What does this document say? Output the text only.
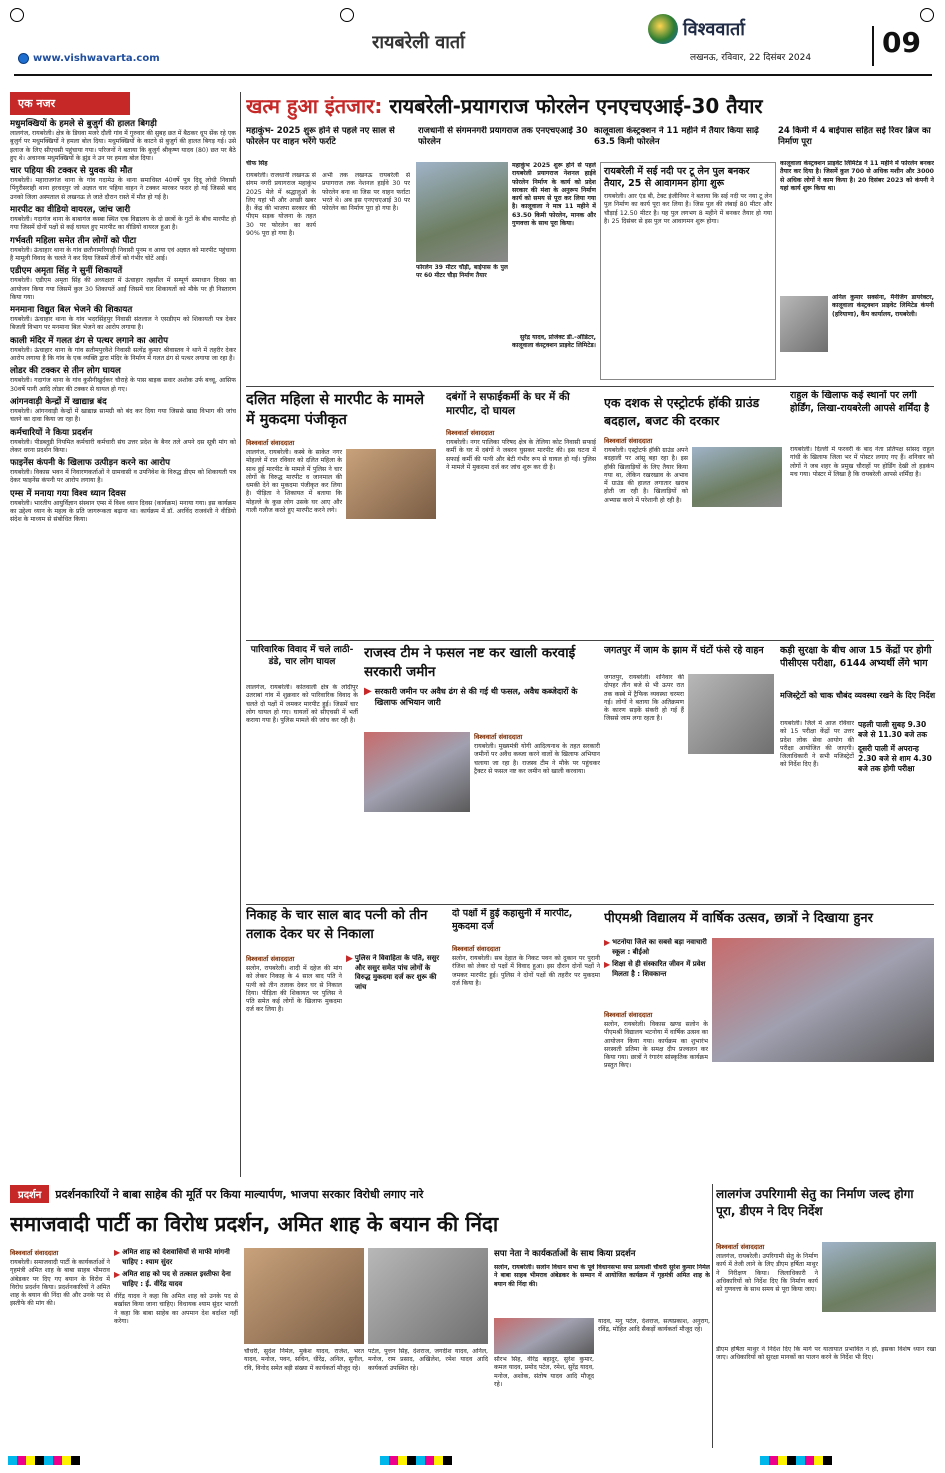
www.vishwavarta.com
रायबरेली वार्ता
विश्ववार्ता
लखनऊ, रविवार, 22 दिसंबर 2024	09
एक नजर
मधुमक्खियों के हमले से बुजुर्ग की हालत बिगड़ी
लालगंज, रायबरेली। क्षेत्र के डिघवा मजरे दौली गांव में गुरुवार की सुबह छत में बैठकर धूप सेंक रहे एक बुजुर्ग पर मधुमक्खियों ने हमला बोल दिया। मधुमक्खियों के काटने से बुजुर्ग की हालत बिगड़ गई। उसे इलाज के लिए सीएचसी पहुंचाया गया। परिजनों ने बताया कि बुजुर्ग श्रीकृष्ण यादव (80) छत पर बैठे हुए थे। अचानक मधुमक्खियों के झुंड ने उन पर हमला बोल दिया।
चार पहिया की टक्कर से युवक की मौत
रायबरेली। महाराजगंज थाना के गांव गदामेउ के थाना समाधिस्त 40वर्षे पुत्र दिदू लोधी निवासी पिंगुरीसराही थाना हरचदपुर जो अज्ञात चार पहिया वाहन ने टक्कर मारकर फरार हो गई जिससे बाद उनको जिला अस्पताल से लखनऊ ले जाते दौरान रास्ते में मौत हो गई है।
मारपीट का वीडियो वायरल, जांच जारी
रायबरेली। गदागंज थाना के बाबागंज कस्बा स्थित एक विद्यालय के दो छात्रों के गुटों के बीच मारपीट हो गया जिसमें दोनों पक्षों से कई घायल हुए मारपीट का वीडियो वायरल हुआ है।
गर्भवती महिला समेत तीन लोगों को पीटा
रायबरेली। ऊंचाहार थाना के गांव छतौनामरियाही निवासी पूनम व आया एवं अज्ञात को मारपीट पहुंचाया है मामूली विवाद के चलते ने कर दिया जिसमें तीनों को गंभीर चोटें आई।
एडीएम अमृता सिंह ने सुनीं शिकायतें
रायबरेली। एडीएम अमृता सिंह की अध्यक्षता में ऊंचाहार तहसील में सम्पूर्ण समाधान दिवस का आयोजन किया गया जिसमें कुल 30 शिकायतें आईं जिसमें चार शिकायतों को मौके पर ही निस्तारण किया गया।
मनमाना विद्युत बिल भेजने की शिकायत
रायबरेली। ऊंचाहार थाना के गांव भदरसिंहपुर निवासी संतलाल ने एसडीएम को शिकायती पत्र देकर बिजली विभाग पर मनमाना बिल भेजने का आरोप लगाया है।
काली मंदिर में गलत ढंग से पत्थर लगाने का आरोप
रायबरेली। ऊंचाहार थाना के गांव सतीमपुरवैशे निवासी सत्येंद्र कुमार श्रीवास्तव ने थाने में तहरीर देकर आरोप लगाया है कि गांव के एक व्यक्ति द्वारा मंदिर के निर्माण में गलत ढंग से पत्थर लगाया जा रहा है।
लोडर की टक्कर से तीन लोग घायल
रायबरेली। गदागंज थाना के गांव कुसैनीखुर्दकर चौराहे के पास बाइक सवार अशोक उर्फ बच्चू, आसिफ 30वर्षे पानी आदि लोडर की टक्कर से घायल हो गए।
आंगनवाड़ी केन्द्रों में खाद्यान्न बंद
रायबरेली। आंगनवाड़ी केन्द्रों में खाद्यान्न सामग्री को बंद कर दिया गया जिससे खाद्य विभाग की जांच चलने का दावा किया जा रहा है।
कर्मचारियों ने किया प्रदर्शन
रायबरेली। पीडब्लूडी नियमित कर्मचारी कर्मचारी संघ उत्तर प्रदेश के बैनर तले अपने दस सूत्री मांग को लेकर धरना प्रदर्शन किया।
फाइनेंस कंपनी के खिलाफ उत्पीड़न करने का आरोप
रायबरेली। विकास भवन में निवारणकर्ताओं ने ग्रामवासी व उपनिवेश के विरुद्ध डीएम को शिकायती पत्र देकर फाइनेंस कंपनी पर आरोप लगाया है।
एम्स में मनाया गया विश्व ध्यान दिवस
रायबरेली। भारतीय आयुर्विज्ञान संस्थान एम्स में विश्व ध्यान दिवस (कार्यक्रम) मनाया गया। इस कार्यक्रम का उद्देश्य ध्यान के महत्व के प्रति जागरूकता बढ़ाना था। कार्यक्रम में डॉ. अरविंद राजवंशी ने वीडियो संदेश के माध्यम से संबोधित किया।
खत्म हुआ इंतजार: रायबरेली-प्रयागराज फोरलेन एनएचएआई-30 तैयार
महाकुंभ- 2025 शुरू होने से पहले नए साल से फोरलेन पर वाहन भरेंगे फर्राटे
राजधानी से संगमनगरी प्रयागराज तक एनएचएआई 30 फोरलेन
कालूवाला कंस्ट्रक्शन ने 11 महीने में तैयार किया साढ़े 63.5 किमी फोरलेन
24 किमी में 4 बाईपास सहित सई रिवर ब्रिज का निर्माण पूरा
चीफ सिंह
रायबरेली। राजधानी लखनऊ से संगम नगरी प्रयागराज महाकुंभ 2025 मेले में श्रद्धालुओं के लिए यहां भी और अच्छी खबर है। केंद्र की भाजपा सरकार की पीएम सड़क योजना के तहत 30 पर फोरलेन का कार्य 90% पूरा हो गया है।
अभी तक लखनऊ रायबरेली से प्रयागराज तक नेशनल हाईवे 30 पर फोरलेन बना था जिस पर वाहन फर्राटा भरते थे। अब इस एनएचएआई 30 पर फोरलेन का निर्माण पूरा हो गया है।
फोरलेन 39 मीटर चौड़ी, बाईपास के पुल पर 60 मीटर चौड़ा निर्माण तैयार
महाकुंभ 2025 शुरू होने से पहले रायबरेली प्रयागराज नेशनल हाईवे फोरलेन निर्माण के कार्य को प्रदेश सरकार की मंशा के अनुरूप निर्माण कार्य को समय से पूरा कर लिया गया है। कालूवाला ने मात्र 11 महीने में 63.50 किमी फोरलेन, मानक और गुणवत्ता के साथ पूरा किया।
सुरेंद्र यादव, प्रोजेक्ट डी.-ऑडिटर, कालूवाला कंस्ट्रक्शन प्राइवेट लिमिटेड।
रायबरेली में सई नदी पर टू लेन पुल बनकर तैयार, 25 से आवागमन होगा शुरू
रायबरेली। आर एंड बी, टेक्ट इंजीनियर ने बताया कि सई नदी पर नया टू लेन पुल निर्माण का कार्य पूरा कर लिया है। जिस पुल की लंबाई 80 मीटर और चौड़ाई 12.50 मीटर है। यह पुल लगभग 8 महीने में बनकर तैयार हो गया है। 25 दिसंबर से इस पुल पर आवागमन शुरू होगा।
कालूवाला कंस्ट्रक्शन प्राइवेट लिमिटेड ने 11 महीने में फोरलेन बनकर तैयार कर दिया है। जिसमें कुल 700 से अधिक मशीन और 3000 से अधिक लोगों ने काम किया है। 20 दिसंबर 2023 को कंपनी ने यहां कार्य शुरू किया था।
अनिल कुमार सक्सेना, मैनेजिंग डायरेक्टर, कालूवाला कंस्ट्रक्शन प्राइवेट लिमिटेड कंपनी (हरियाणा), कैंप कार्यालय, रायबरेली।
दलित महिला से मारपीट के मामले में मुकदमा पंजीकृत
विश्ववार्ता संवाददाता
लालगंज, रायबरेली। कस्बे के साकेत नगर मोहल्ले में रात रविवार को दलित महिला के साथ हुई मारपीट के मामले में पुलिस ने चार लोगों के विरुद्ध मारपीट व जानमाल की धमकी देने का मुकदमा पंजीकृत कर लिया है। पीड़िता ने शिकायत में बताया कि मोहल्ले के कुछ लोग उसके घर आए और गाली गलौज करते हुए मारपीट करने लगे।
दबंगों ने सफाईकर्मी के घर में की मारपीट, दो घायल
विश्ववार्ता संवाददाता
रायबरेली। नगर पालिका परिषद क्षेत्र के तेलिया कोट निवासी सफाई कर्मी के घर में दबंगों ने जबरन घुसकर मारपीट की। इस घटना में सफाई कर्मी की पत्नी और बेटी गंभीर रूप से घायल हो गईं। पुलिस ने मामले में मुकदमा दर्ज कर जांच शुरू कर दी है।
एक दशक से एस्ट्रोटर्फ हॉकी ग्राउंड बदहाल, बजट की दरकार
विश्ववार्ता संवाददाता
रायबरेली। एस्ट्रोटर्फ हॉकी ग्राउंड अपने बदहाली पर आंसू बहा रहा है। इस हॉकी खिलाड़ियों के लिए तैयार किया गया था, लेकिन रखरखाव के अभाव में ग्राउंड की हालत लगातार खराब होती जा रही है। खिलाड़ियों को अभ्यास करने में परेशानी हो रही है।
राहुल के खिलाफ कई स्थानों पर लगी होर्डिंग, लिखा-रायबरेली आपसे शर्मिंदा है
रायबरेली। दिल्ली में फरवरी के बाद नेता प्रतिपक्ष सांसद राहुल गांधी के खिलाफ जिला भर में पोस्टर लगाए गए हैं। शनिवार को लोगों ने जब शहर के प्रमुख चौराहों पर होर्डिंग देखी तो हड़कंप मच गया। पोस्टर में लिखा है कि रायबरेली आपसे शर्मिंदा है।
पारिवारिक विवाद में चले लाठी-डंडे, चार लोग घायल
लालगंज, रायबरेली। कोतवाली क्षेत्र के लोदीपुर उतराबां गांव में शुक्रवार को पारिवारिक विवाद के चलते दो पक्षों में जमकर मारपीट हुई। जिसमें चार लोग घायल हो गए। घायलों को सीएचसी में भर्ती कराया गया है। पुलिस मामले की जांच कर रही है।
राजस्व टीम ने फसल नष्ट कर खाली करवाई सरकारी जमीन
▶ सरकारी जमीन पर अवैध ढंग से की गई थी फसल, अवैध कब्जेदारों के खिलाफ अभियान जारी
विश्ववार्ता संवाददाता
रायबरेली। मुख्यमंत्री योगी आदित्यनाथ के तहत सरकारी जमीनों पर अवैध कब्जा करने वालों के खिलाफ अभियान चलाया जा रहा है। राजस्व टीम ने मौके पर पहुंचकर ट्रैक्टर से फसल नष्ट कर जमीन को खाली करवाया।
जगतपुर में जाम के झाम में घंटों फंसे रहे वाहन
जगतपुर, रायबरेली। शनिवार की दोपहर तीन बजे से भी ऊपर रात तक कस्बे में ट्रैफिक व्यवस्था चरमरा गई। लोगों ने बताया कि अतिक्रमण के कारण सड़कें संकरी हो गई हैं जिससे जाम लगा रहता है।
कड़ी सुरक्षा के बीच आज 15 केंद्रों पर होगी पीसीएस परीक्षा, 6144 अभ्यर्थी लेंगे भाग
मजिस्ट्रेटों को चाक चौबंद व्यवस्था रखने के दिए निर्देश
रायबरेली। जिले में आज रविवार को 15 परीक्षा केंद्रों पर उत्तर प्रदेश लोक सेवा आयोग की परीक्षा आयोजित की जाएगी। जिलाधिकारी ने सभी मजिस्ट्रेटों को निर्देश दिए हैं।
पहली पाली सुबह 9.30 बजे से 11.30 बजे तक
दूसरी पाली में अपरान्ह 2.30 बजे से शाम 4.30 बजे तक होगी परीक्षा
निकाह के चार साल बाद पत्नी को तीन तलाक देकर घर से निकाला
विश्ववार्ता संवाददाता
सलोन, रायबरेली। शादी में दहेज की मांग को लेकर निकाह के 4 साल बाद पति ने पत्नी को तीन तलाक देकर घर से निकाल दिया। पीड़िता की शिकायत पर पुलिस ने पति समेत कई लोगों के खिलाफ मुकदमा दर्ज कर लिया है।
▶ पुलिस ने विवाहिता के पति, ससुर और ससुर समेत पांच लोगों के विरुद्ध मुकदमा दर्ज कर शुरू की जांच
दो पक्षों में हुई कहासुनी में मारपीट, मुकदमा दर्ज
विश्ववार्ता संवाददाता
सलोन, रायबरेली। सब देहात के निकट पवन को दुकान पर पुरानी रंजिश को लेकर दो पक्षों में विवाद हुआ। इस दौरान दोनों पक्षों ने जमकर मारपीट हुई। पुलिस ने दोनों पक्षों की तहरीर पर मुकदमा दर्ज किया है।
पीएमश्री विद्यालय में वार्षिक उत्सव, छात्रों ने दिखाया हुनर
▶ भटनोया जिले का सबसे बड़ा नवाचारी स्कूल : बीईओ
▶ शिक्षा से ही संस्कारित जीवन में प्रवेश मिलता है : शिवकान्त
विश्ववार्ता संवाददाता
सलोन, रायबरेली। विकास खण्ड सलोन के पीएमश्री विद्यालय भटनोया में वार्षिक उत्सव का आयोजन किया गया। कार्यक्रम का शुभारंभ सरस्वती प्रतिमा के समक्ष दीप प्रज्वलन कर किया गया। छात्रों ने रंगारंग सांस्कृतिक कार्यक्रम प्रस्तुत किए।
प्रदर्शन	प्रदर्शनकारियों ने बाबा साहेब की मूर्ति पर किया माल्यार्पण, भाजपा सरकार विरोधी लगाए नारे
समाजवादी पार्टी का विरोध प्रदर्शन, अमित शाह के बयान की निंदा
विश्ववार्ता संवाददाता
रायबरेली। समाजवादी पार्टी के कार्यकर्ताओं ने गृहमंत्री अमित शाह के बाबा साहब भीमराव अंबेडकर पर दिए गए बयान के विरोध में विरोध प्रदर्शन किया। प्रदर्शनकारियों ने अमित शाह के बयान की निंदा की और उनके पद से इस्तीफे की मांग की।
▶ अमित शाह को देशवासियों से माफी मांगनी चाहिए : श्याम सुंदर
▶ अमित शाह को पद से तत्काल इस्तीफा देना चाहिए : ई. वीरेंद्र यादव
वीरेंद्र यादव ने कहा कि अमित शाह को उनके पद से बर्खास्त किया जाना चाहिए। विधायक श्याम सुंदर भारती ने कहा कि बाबा साहेब का अपमान देश बर्दाश्त नहीं करेगा।
चौधरी, सुदेश निर्मल, मुकेश यादव, राजेश, भरत यादव, मनोज, पवन, सचिन, धीरेंद्र, अनिल, सुनील, रवि, विनोद समेत बड़ी संख्या में कार्यकर्ता मौजूद रहे।
पटेल, पुत्तन सिंह, देशराज, जगदीश यादव, अनिल, मनोज, राम प्रसाद, अखिलेश, रमेश यादव आदि कार्यकर्ता उपस्थित रहे।
सपा नेता ने कार्यकर्ताओं के साथ किया प्रदर्शन
सलोन, रायबरेली। सलोन विधान सभा के पूर्व विधानसभा सपा प्रत्याशी चौधरी सुरेश कुमार निर्मल ने बाबा साहब भीमराव अंबेडकर के सम्मान में आयोजित कार्यक्रम में गृहमंत्री अमित शाह के बयान की निंदा की।
सौरभ सिंह, वीरेंद्र बहादुर, सुरेश कुमार, कमल यादव, प्रमोद पटेल, रमेश, सुरेंद्र यादव, मनोज, अशोक, संतोष यादव आदि मौजूद रहे।
यादव, मनु पटेल, देशराज, सत्यप्रकाश, अनुराग, रविंद्र, मोहित आदि सैकड़ों कार्यकर्ता मौजूद रहे।
लालगंज उपरिगामी सेतु का निर्माण जल्द होगा पूरा, डीएम ने दिए निर्देश
विश्ववार्ता संवाददाता
लालगंज, रायबरेली। उपरिगामी सेतु के निर्माण कार्य में तेजी लाने के लिए डीएम हर्षिता माथुर ने निरीक्षण किया। जिलाधिकारी ने अधिकारियों को निर्देश दिए कि निर्माण कार्य को गुणवत्ता के साथ समय से पूरा किया जाए।
डीएम हर्षिता माथुर ने निर्देश दिए कि मार्ग पर यातायात प्रभावित न हो, इसका विशेष ध्यान रखा जाए। अधिकारियों को सुरक्षा मानकों का पालन करने के निर्देश भी दिए।
